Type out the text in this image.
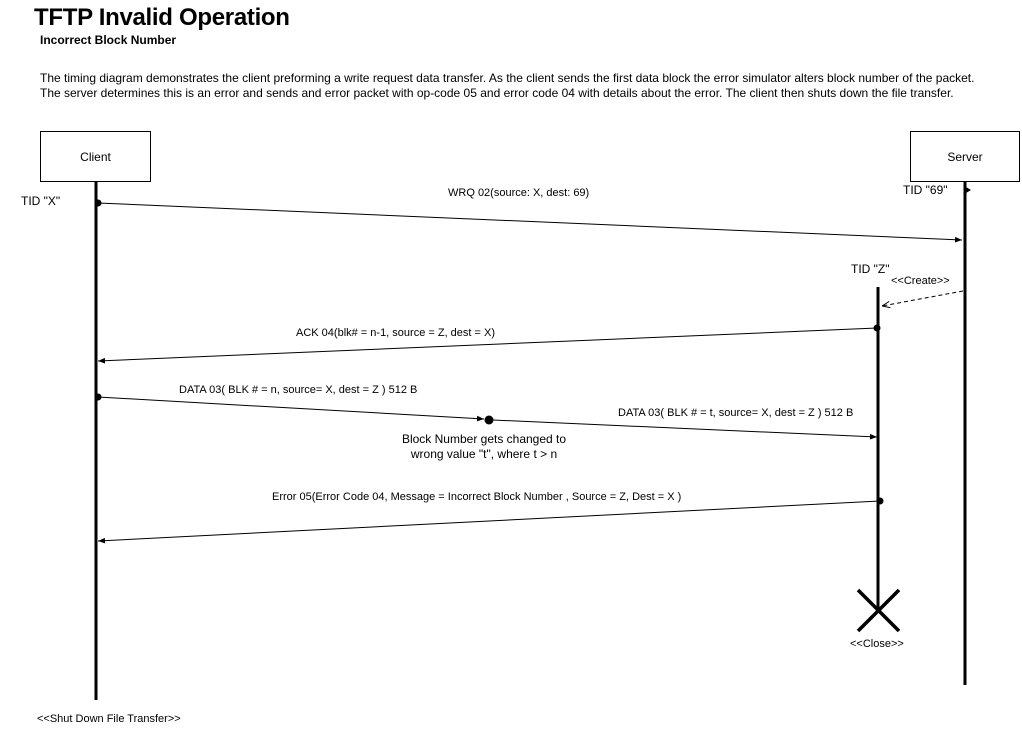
TFTP Invalid Operation
Incorrect Block Number
The timing diagram demonstrates the client preforming a write request data transfer. As the client sends the first data block the error simulator alters block number of the packet.
The server determines this is an error and sends and error packet with op-code 05 and error code 04 with details about the error. The client then shuts down the file transfer.
Client	Server
TID "X"
TID "69"
TID "Z"
<<Create>>
<<Close>>
<<Shut Down File Transfer>>
WRQ 02(source: X, dest: 69)
ACK 04(blk# = n-1, source = Z, dest = X)
DATA 03( BLK # = n, source= X, dest = Z ) 512 B
DATA 03( BLK # = t, source= X, dest = Z ) 512 B
Error 05(Error Code 04, Message = Incorrect Block Number , Source = Z, Dest = X )
Block Number gets changed to
wrong value "t", where t > n
